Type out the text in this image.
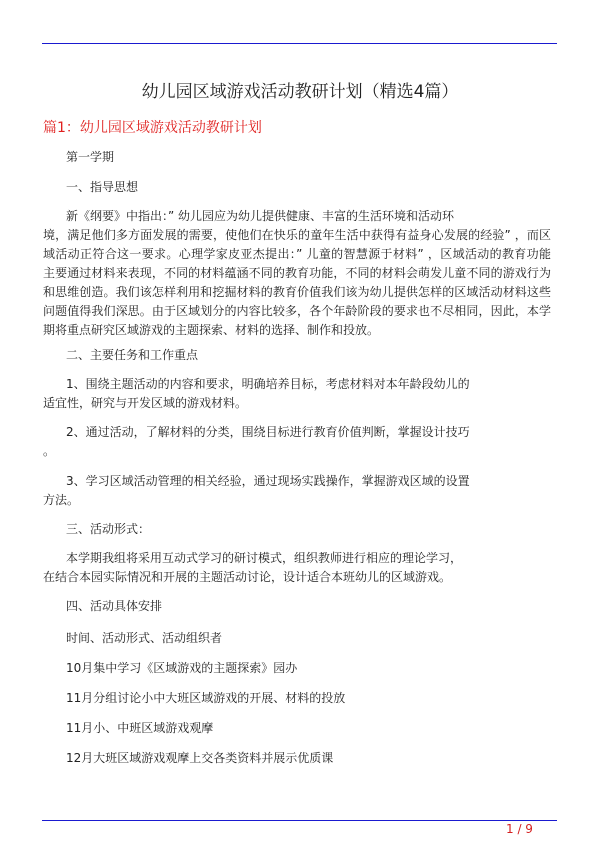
幼儿园区域游戏活动教研计划（精选4篇）
篇1：幼儿园区域游戏活动教研计划
第一学期
一、指导思想
新《纲要》中指出：” 幼儿园应为幼儿提供健康、丰富的生活环境和活动环
境，满足他们多方面发展的需要，使他们在快乐的童年生活中获得有益身心发展的经验” ，而区
域活动正符合这一要求。心理学家皮亚杰提出：” 儿童的智慧源于材料” ，区域活动的教育功能
主要通过材料来表现，不同的材料蕴涵不同的教育功能，不同的材料会萌发儿童不同的游戏行为
和思维创造。我们该怎样利用和挖掘材料的教育价值我们该为幼儿提供怎样的区域活动材料这些
问题值得我们深思。由于区域划分的内容比较多，各个年龄阶段的要求也不尽相同，因此，本学
期将重点研究区域游戏的主题探索、材料的选择、制作和投放。
二、主要任务和工作重点
1、围绕主题活动的内容和要求，明确培养目标，考虑材料对本年龄段幼儿的
适宜性，研究与开发区域的游戏材料。
2、通过活动，了解材料的分类，围绕目标进行教育价值判断，掌握设计技巧
。
3、学习区域活动管理的相关经验，通过现场实践操作，掌握游戏区域的设置
方法。
三、活动形式：
本学期我组将采用互动式学习的研讨模式，组织教师进行相应的理论学习，
在结合本园实际情况和开展的主题活动讨论，设计适合本班幼儿的区域游戏。
四、活动具体安排
时间、活动形式、活动组织者
10月集中学习《区域游戏的主题探索》园办
11月分组讨论小中大班区域游戏的开展、材料的投放
11月小、中班区域游戏观摩
12月大班区域游戏观摩上交各类资料并展示优质课
1 / 9
